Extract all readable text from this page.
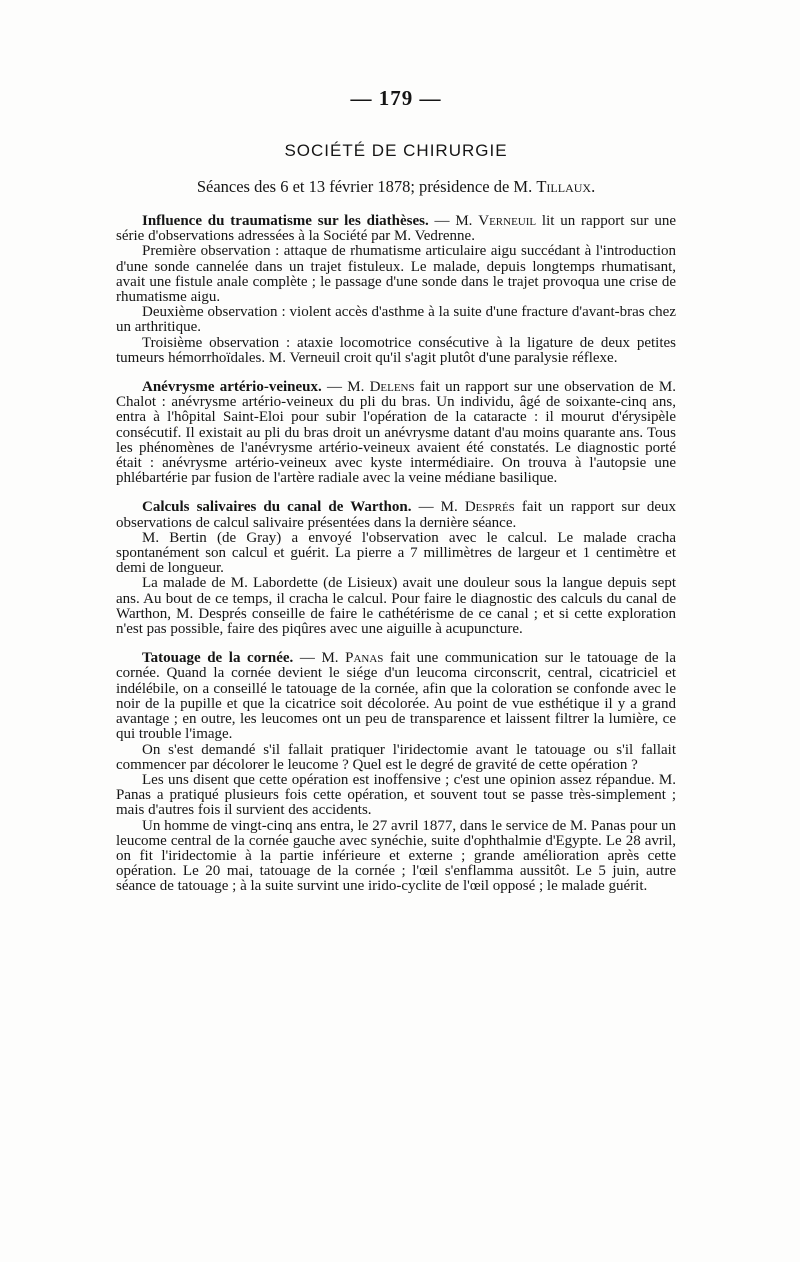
— 179 —
SOCIÉTÉ DE CHIRURGIE
Séances des 6 et 13 février 1878; présidence de M. Tillaux.

Influence du traumatisme sur les diathèses. — M. Verneuil lit un rapport sur une série d'observations adressées à la Société par M. Vedrenne.

Première observation : attaque de rhumatisme articulaire aigu succédant à l'introduction d'une sonde cannelée dans un trajet fistuleux. Le malade, depuis longtemps rhumatisant, avait une fistule anale complète ; le passage d'une sonde dans le trajet provoqua une crise de rhumatisme aigu.

Deuxième observation : violent accès d'asthme à la suite d'une fracture d'avant-bras chez un arthritique.

Troisième observation : ataxie locomotrice consécutive à la ligature de deux petites tumeurs hémorrhoïdales. M. Verneuil croit qu'il s'agit plutôt d'une paralysie réflexe.

Anévrysme artério-veineux. — M. Delens fait un rapport sur une observation de M. Chalot : anévrysme artério-veineux du pli du bras. Un individu, âgé de soixante-cinq ans, entra à l'hôpital Saint-Eloi pour subir l'opération de la cataracte : il mourut d'érysipèle consécutif. Il existait au pli du bras droit un anévrysme datant d'au moins quarante ans. Tous les phénomènes de l'anévrysme artério-veineux avaient été constatés. Le diagnostic porté était : anévrysme artério-veineux avec kyste intermédiaire. On trouva à l'autopsie une phlébartérie par fusion de l'artère radiale avec la veine médiane basilique.

Calculs salivaires du canal de Warthon. — M. Després fait un rapport sur deux observations de calcul salivaire présentées dans la dernière séance.

M. Bertin (de Gray) a envoyé l'observation avec le calcul. Le malade cracha spontanément son calcul et guérit. La pierre a 7 millimètres de largeur et 1 centimètre et demi de longueur.

La malade de M. Labordette (de Lisieux) avait une douleur sous la langue depuis sept ans. Au bout de ce temps, il cracha le calcul. Pour faire le diagnostic des calculs du canal de Warthon, M. Després conseille de faire le cathétérisme de ce canal ; et si cette exploration n'est pas possible, faire des piqûres avec une aiguille à acupuncture.

Tatouage de la cornée. — M. Panas fait une communication sur le tatouage de la cornée. Quand la cornée devient le siége d'un leucoma circonscrit, central, cicatriciel et indélébile, on a conseillé le tatouage de la cornée, afin que la coloration se confonde avec le noir de la pupille et que la cicatrice soit décolorée. Au point de vue esthétique il y a grand avantage ; en outre, les leucomes ont un peu de transparence et laissent filtrer la lumière, ce qui trouble l'image.

On s'est demandé s'il fallait pratiquer l'iridectomie avant le tatouage ou s'il fallait commencer par décolorer le leucome ? Quel est le degré de gravité de cette opération ?

Les uns disent que cette opération est inoffensive ; c'est une opinion assez répandue. M. Panas a pratiqué plusieurs fois cette opération, et souvent tout se passe très-simplement ; mais d'autres fois il survient des accidents.

Un homme de vingt-cinq ans entra, le 27 avril 1877, dans le service de M. Panas pour un leucome central de la cornée gauche avec synéchie, suite d'ophthalmie d'Egypte. Le 28 avril, on fit l'iridectomie à la partie inférieure et externe ; grande amélioration après cette opération. Le 20 mai, tatouage de la cornée ; l'œil s'enflamma aussitôt. Le 5 juin, autre séance de tatouage ; à la suite survint une irido-cyclite de l'œil opposé ; le malade guérit.
